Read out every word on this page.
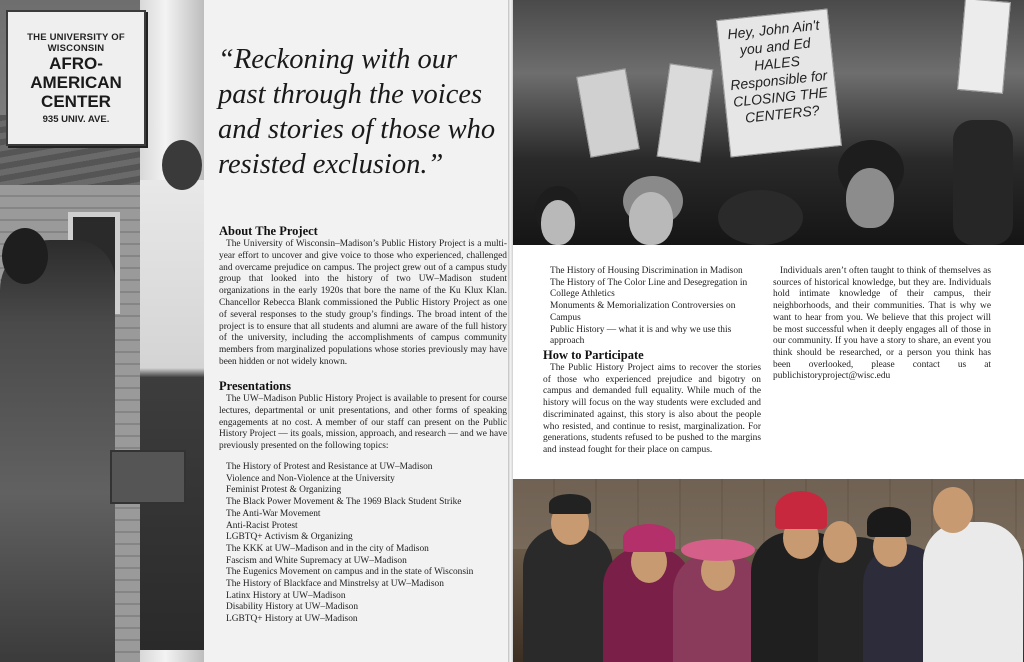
THE UNIVERSITY OF WISCONSIN
AFRO-
AMERICAN
CENTER
935 UNIV. AVE.
“Reckoning with our past through the voices and stories of those who resisted exclusion.”
About The Project

The University of Wisconsin–Madison’s Public History Project is a multi-year effort to uncover and give voice to those who experienced, challenged and overcame prejudice on campus. The project grew out of a campus study group that looked into the history of two UW–Madison student organizations in the early 1920s that bore the name of the Ku Klux Klan. Chancellor Rebecca Blank commissioned the Public History Project as one of several responses to the study group’s findings. The broad intent of the project is to ensure that all students and alumni are aware of the full history of the university, including the accomplishments of campus community members from marginalized populations whose stories previously may have been hidden or not widely known.

Presentations

The UW–Madison Public History Project is available to present for course lectures, departmental or unit presentations, and other forms of speaking engagements at no cost. A member of our staff can present on the Public History Project — its goals, mission, approach, and research — and we have previously presented on the following topics:

The History of Protest and Resistance at UW–Madison
Violence and Non-Violence at the University
Feminist Protest & Organizing
The Black Power Movement & The 1969 Black Student Strike
The Anti-War Movement
Anti-Racist Protest
LGBTQ+ Activism & Organizing
The KKK at UW–Madison and in the city of Madison
Fascism and White Supremacy at UW–Madison
The Eugenics Movement on campus and in the state of Wisconsin
The History of Blackface and Minstrelsy at UW–Madison
Latinx History at UW–Madison
Disability History at UW–Madison
LGBTQ+ History at UW–Madison
Hey, John Ain't you and Ed HALES Responsible for CLOSING THE CENTERS?
The History of Housing Discrimination in Madison
The History of The Color Line and Desegregation in College Athletics
Monuments & Memorialization Controversies on Campus
Public History — what it is and why we use this approach
How to Participate

The Public History Project aims to recover the stories of those who experienced prejudice and bigotry on campus and demanded full equality. While much of the history will focus on the way students were excluded and discriminated against, this story is also about the people who resisted, and continue to resist, marginalization. For generations, students refused to be pushed to the margins and instead fought for their place on campus.

Individuals aren’t often taught to think of themselves as sources of historical knowledge, but they are. Individuals hold intimate knowledge of their campus, their neighborhoods, and their communities. That is why we want to hear from you. We believe that this project will be most successful when it deeply engages all of those in our community. If you have a story to share, an event you think should be researched, or a person you think has been overlooked, please contact us at publichistoryproject@wisc.edu
